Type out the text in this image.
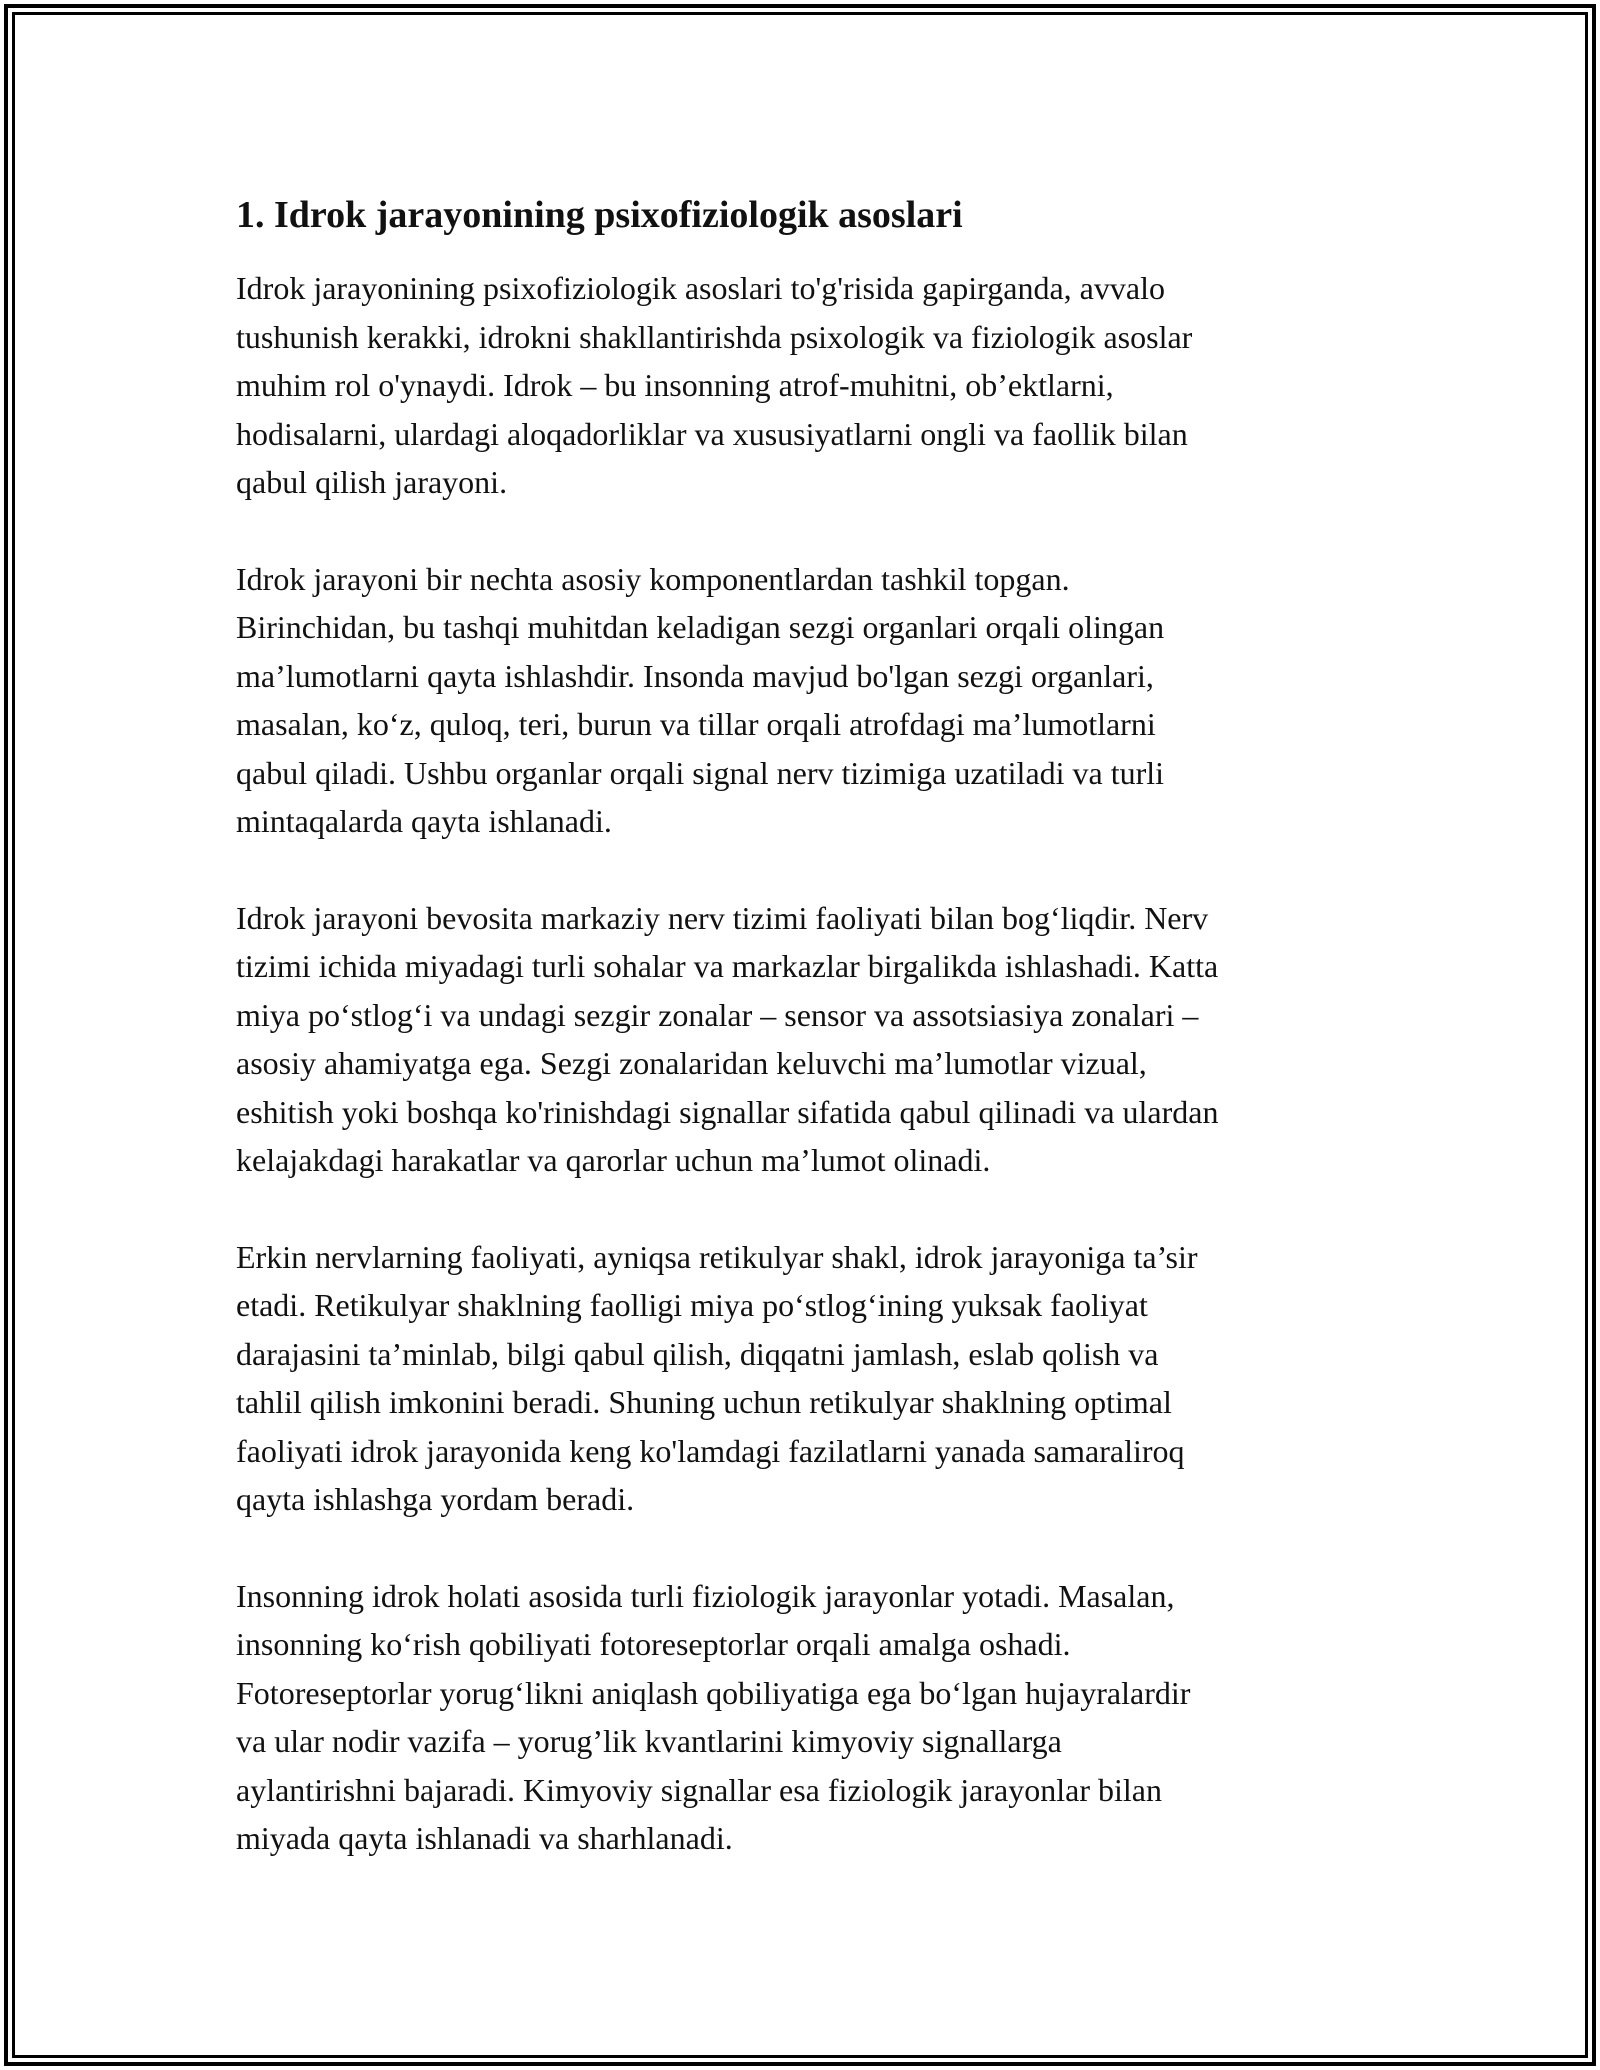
1. Idrok jarayonining psixofiziologik asoslari

Idrok jarayonining psixofiziologik asoslari to'g'risida gapirganda, avvalo
tushunish kerakki, idrokni shakllantirishda psixologik va fiziologik asoslar
muhim rol o'ynaydi. Idrok – bu insonning atrof-muhitni, ob’ektlarni,
hodisalarni, ulardagi aloqadorliklar va xususiyatlarni ongli va faollik bilan
qabul qilish jarayoni.

Idrok jarayoni bir nechta asosiy komponentlardan tashkil topgan.
Birinchidan, bu tashqi muhitdan keladigan sezgi organlari orqali olingan
ma’lumotlarni qayta ishlashdir. Insonda mavjud bo'lgan sezgi organlari,
masalan, ko‘z, quloq, teri, burun va tillar orqali atrofdagi ma’lumotlarni
qabul qiladi. Ushbu organlar orqali signal nerv tizimiga uzatiladi va turli
mintaqalarda qayta ishlanadi.

Idrok jarayoni bevosita markaziy nerv tizimi faoliyati bilan bog‘liqdir. Nerv
tizimi ichida miyadagi turli sohalar va markazlar birgalikda ishlashadi. Katta
miya po‘stlog‘i va undagi sezgir zonalar – sensor va assotsiasiya zonalari –
asosiy ahamiyatga ega. Sezgi zonalaridan keluvchi ma’lumotlar vizual,
eshitish yoki boshqa ko'rinishdagi signallar sifatida qabul qilinadi va ulardan
kelajakdagi harakatlar va qarorlar uchun ma’lumot olinadi.

Erkin nervlarning faoliyati, ayniqsa retikulyar shakl, idrok jarayoniga ta’sir
etadi. Retikulyar shaklning faolligi miya po‘stlog‘ining yuksak faoliyat
darajasini ta’minlab, bilgi qabul qilish, diqqatni jamlash, eslab qolish va
tahlil qilish imkonini beradi. Shuning uchun retikulyar shaklning optimal
faoliyati idrok jarayonida keng ko'lamdagi fazilatlarni yanada samaraliroq
qayta ishlashga yordam beradi.

Insonning idrok holati asosida turli fiziologik jarayonlar yotadi. Masalan,
insonning ko‘rish qobiliyati fotoreseptorlar orqali amalga oshadi.
Fotoreseptorlar yorug‘likni aniqlash qobiliyatiga ega bo‘lgan hujayralardir
va ular nodir vazifa – yorug’lik kvantlarini kimyoviy signallarga
aylantirishni bajaradi. Kimyoviy signallar esa fiziologik jarayonlar bilan
miyada qayta ishlanadi va sharhlanadi.
